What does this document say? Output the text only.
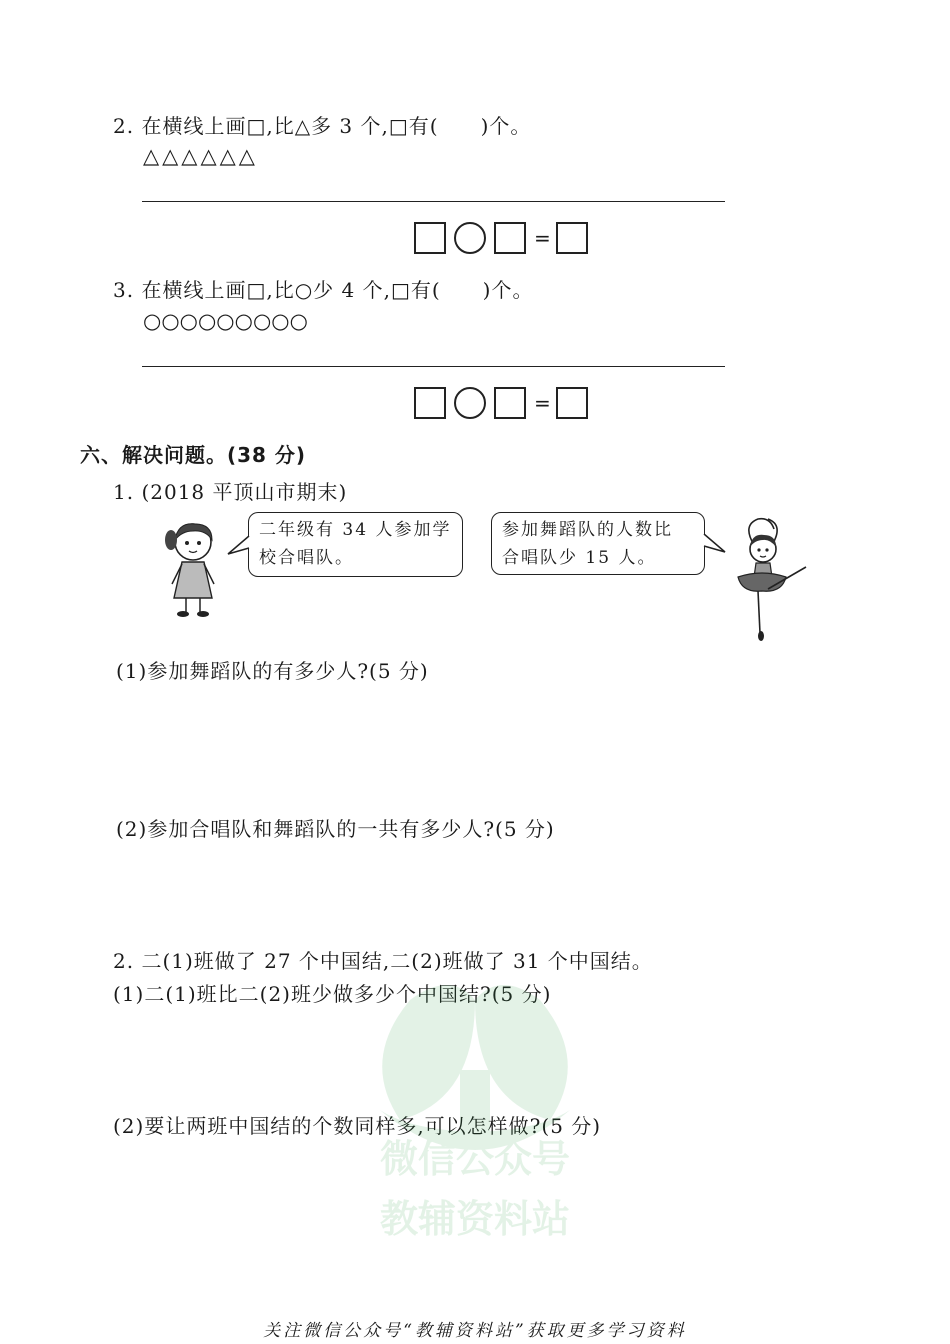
2. 在横线上画□,比△多 3 个,□有(　　)个。
△△△△△△
=
3. 在横线上画□,比○少 4 个,□有(　　)个。
○○○○○○○○○
=
六、解决问题。(38 分)
1. (2018 平顶山市期末)
二年级有 34 人参加学
校合唱队。
参加舞蹈队的人数比
合唱队少 15 人。
(1)参加舞蹈队的有多少人?(5 分)
(2)参加合唱队和舞蹈队的一共有多少人?(5 分)
2. 二(1)班做了 27 个中国结,二(2)班做了 31 个中国结。
(1)二(1)班比二(2)班少做多少个中国结?(5 分)
(2)要让两班中国结的个数同样多,可以怎样做?(5 分)
微信公众号
教辅资料站
关注微信公众号“教辅资料站”获取更多学习资料
